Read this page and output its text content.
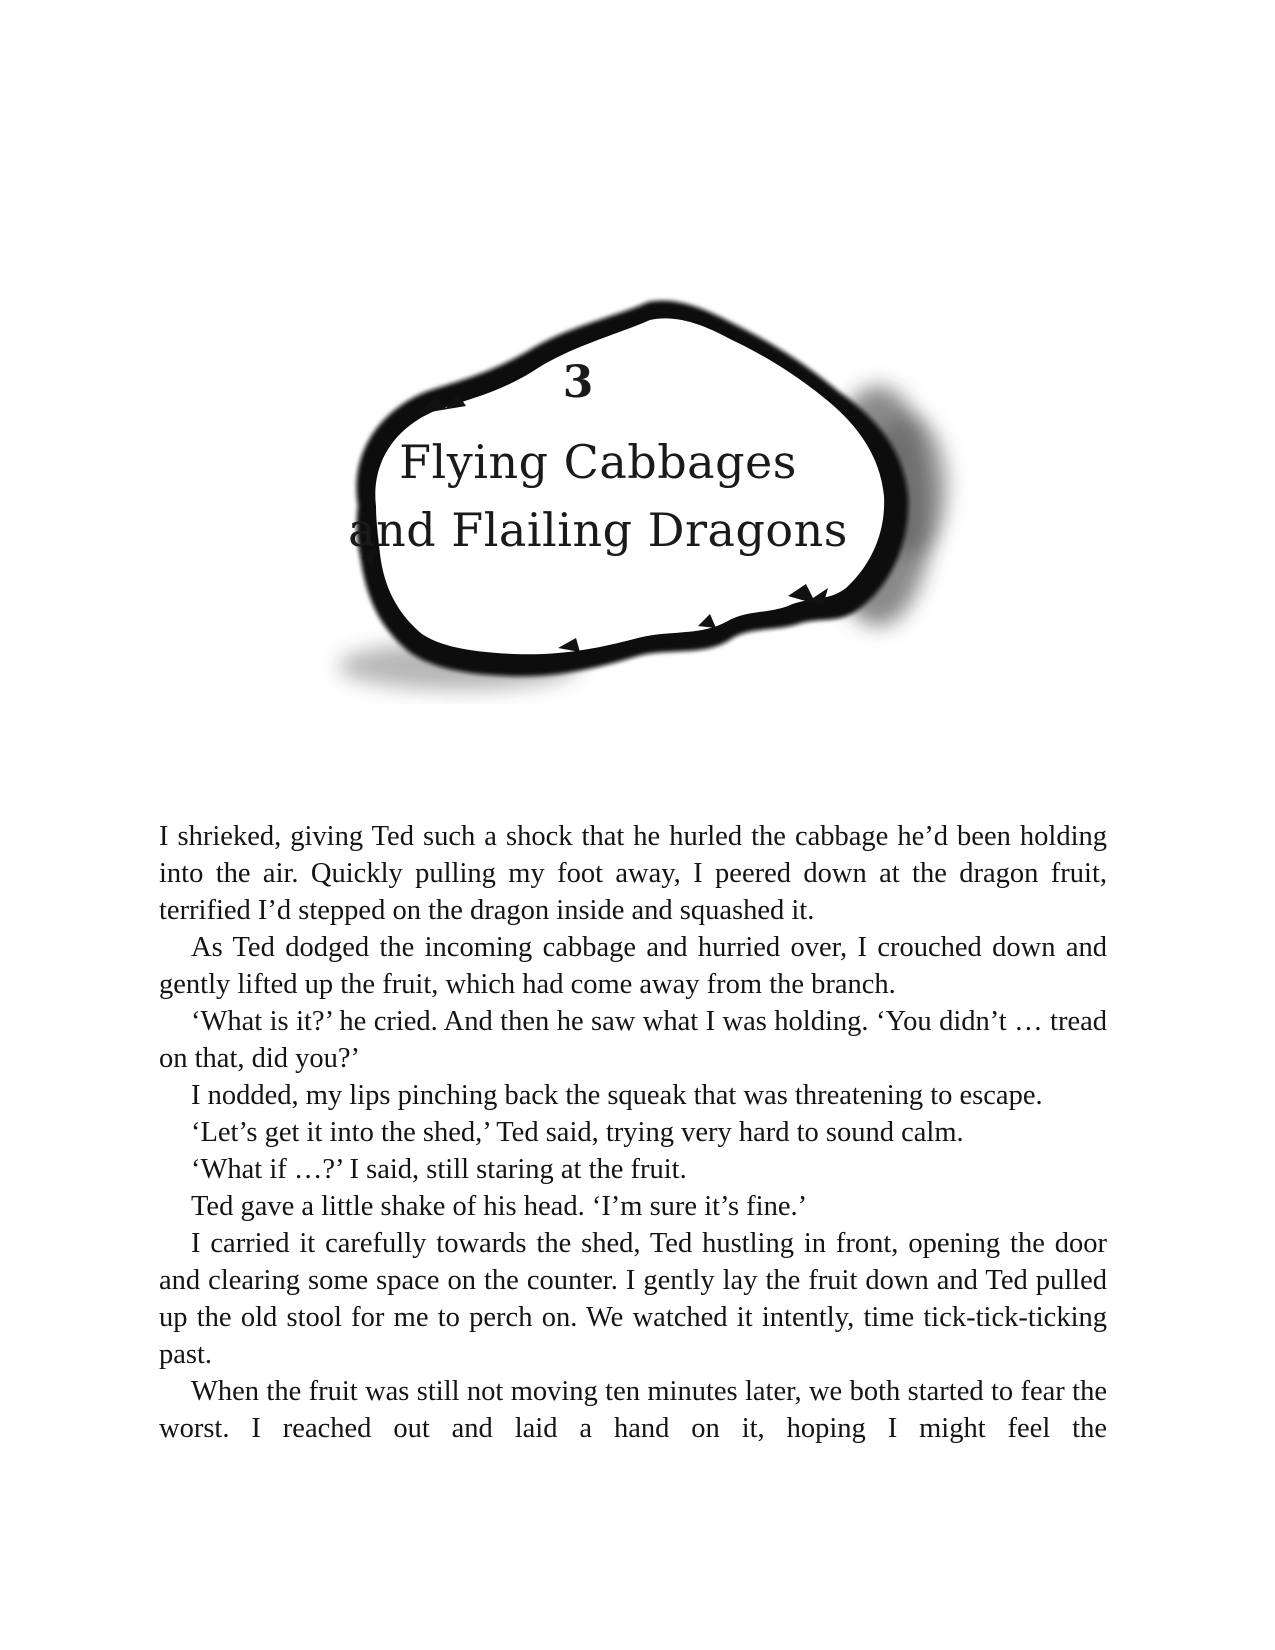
3
Flying Cabbages
and Flailing Dragons

I shrieked, giving Ted such a shock that he hurled the cabbage he’d been holding into the air. Quickly pulling my foot away, I peered down at the dragon fruit, terrified I’d stepped on the dragon inside and squashed it.

As Ted dodged the incoming cabbage and hurried over, I crouched down and gently lifted up the fruit, which had come away from the branch.

‘What is it?’ he cried. And then he saw what I was holding. ‘You didn’t … tread on that, did you?’

I nodded, my lips pinching back the squeak that was threatening to escape.

‘Let’s get it into the shed,’ Ted said, trying very hard to sound calm.

‘What if …?’ I said, still staring at the fruit.

Ted gave a little shake of his head. ‘I’m sure it’s fine.’

I carried it carefully towards the shed, Ted hustling in front, opening the door and clearing some space on the counter. I gently lay the fruit down and Ted pulled up the old stool for me to perch on. We watched it intently, time tick-tick-ticking past.

When the fruit was still not moving ten minutes later, we both started to fear the worst. I reached out and laid a hand on it, hoping I might feel the
